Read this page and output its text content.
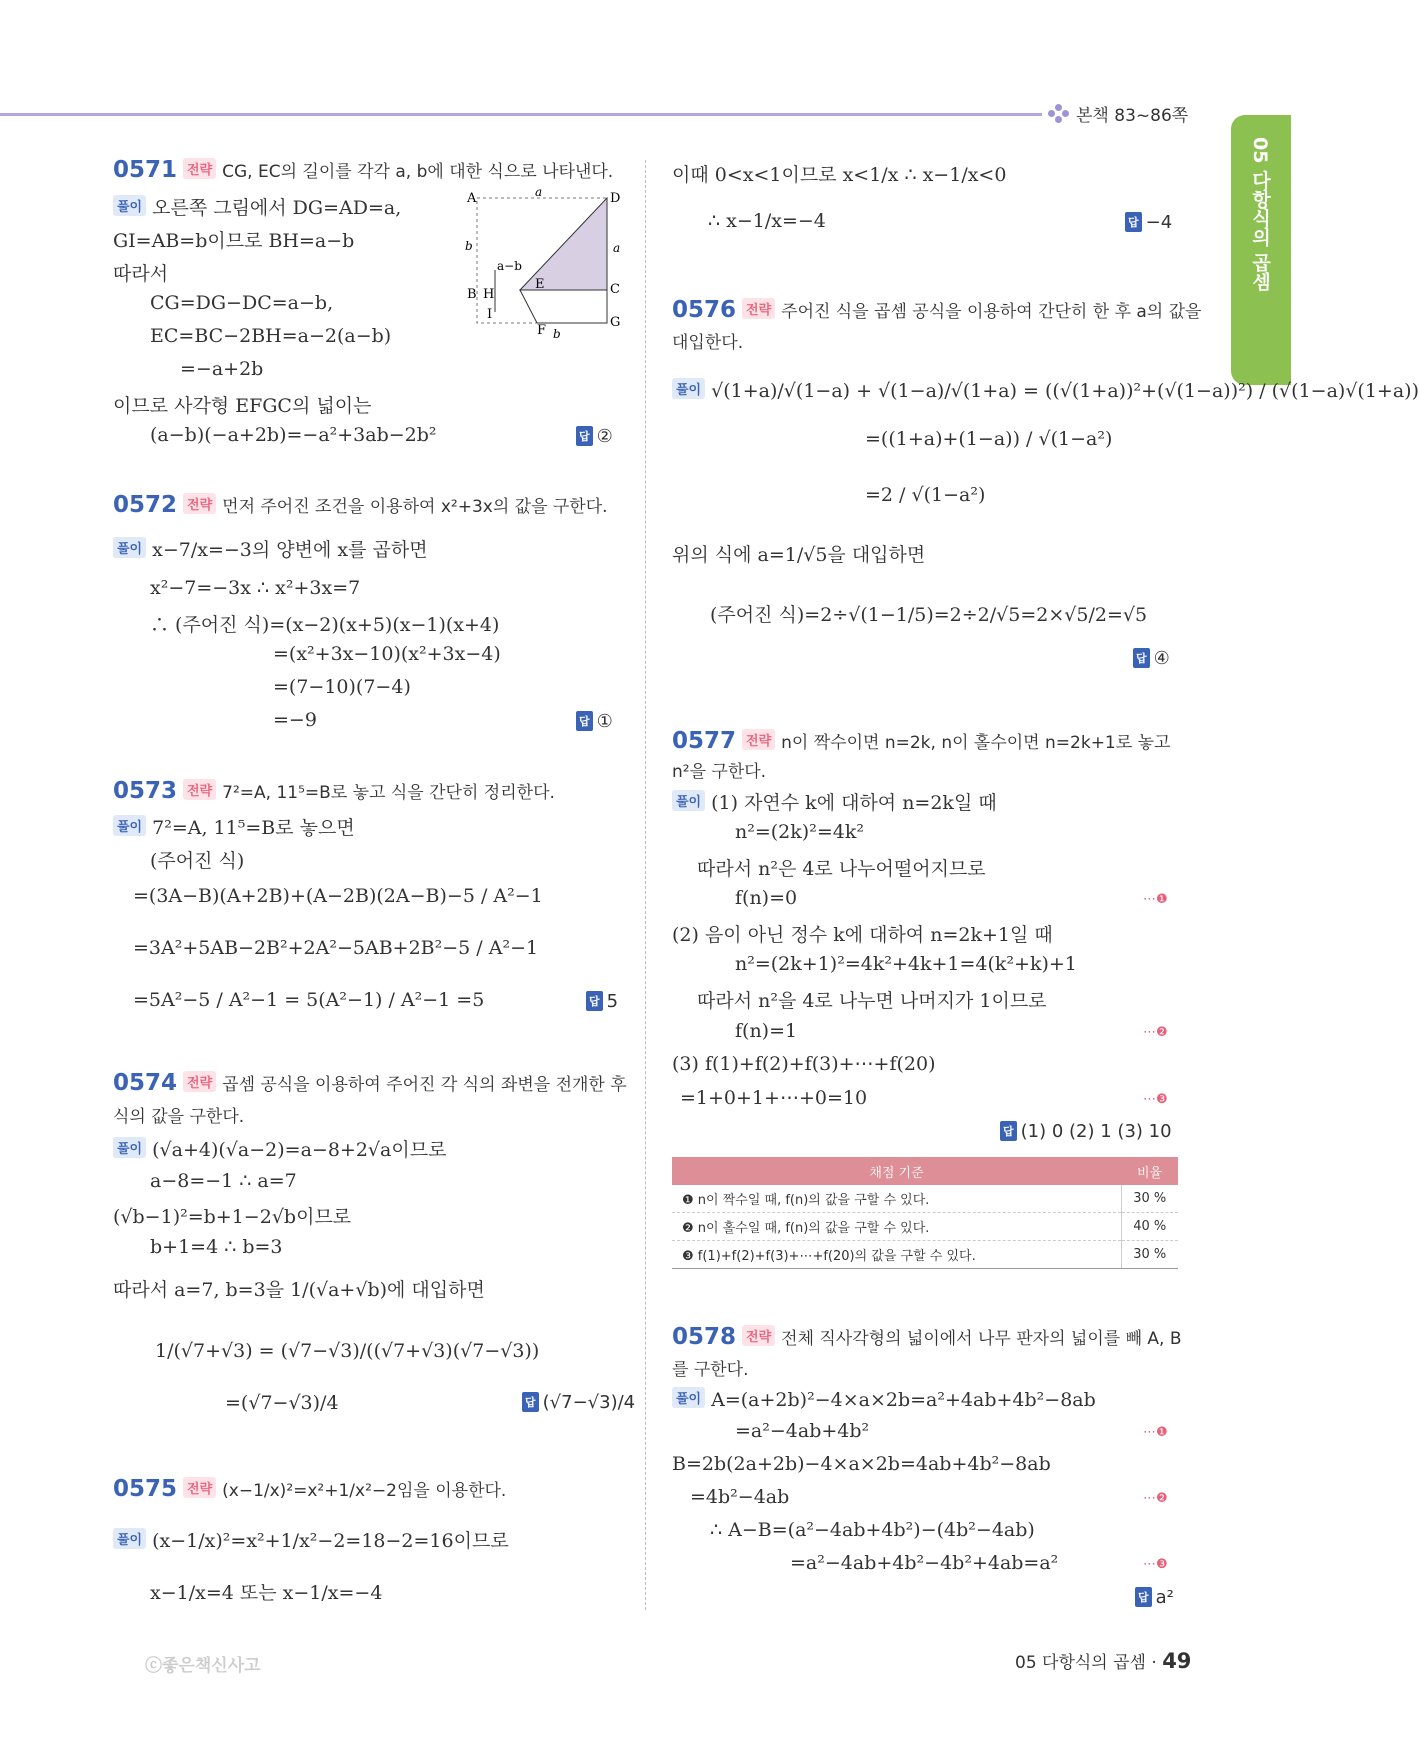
본책 83~86쪽
05 다항식의 곱셈
0571 전략 CG, EC의 길이를 각각 a, b에 대한 식으로 나타낸다.
풀이 오른쪽 그림에서 DG=AD=a,
GI=AB=b이므로 BH=a−b
따라서
CG=DG−DC=a−b,
EC=BC−2BH=a−2(a−b)
=−a+2b
이므로 사각형 EFGC의 넓이는
(a−b)(−a+2b)=−a²+3ab−2b²	답 ②
A	D
a
b
a−b
E
B H	C
I
F
G
b
a
0572 전략 먼저 주어진 조건을 이용하여 x²+3x의 값을 구한다.
풀이 x−7/x=−3의 양변에 x를 곱하면
x²−7=−3x ∴ x²+3x=7
∴ (주어진 식)=(x−2)(x+5)(x−1)(x+4)
=(x²+3x−10)(x²+3x−4)
=(7−10)(7−4)
=−9	답 ①
0573 전략 7²=A, 11⁵=B로 놓고 식을 간단히 정리한다.
풀이 7²=A, 11⁵=B로 놓으면
(주어진 식)
=(3A−B)(A+2B)+(A−2B)(2A−B)−5 / A²−1
=3A²+5AB−2B²+2A²−5AB+2B²−5 / A²−1
=5A²−5 / A²−1 = 5(A²−1) / A²−1 =5	답 5
0574 전략 곱셈 공식을 이용하여 주어진 각 식의 좌변을 전개한 후
식의 값을 구한다.
풀이 (√a+4)(√a−2)=a−8+2√a이므로
a−8=−1 ∴ a=7
(√b−1)²=b+1−2√b이므로
b+1=4 ∴ b=3
따라서 a=7, b=3을 1/(√a+√b)에 대입하면
1/(√7+√3) = (√7−√3)/((√7+√3)(√7−√3))
=(√7−√3)/4	답 (√7−√3)/4
0575 전략 (x−1/x)²=x²+1/x²−2임을 이용한다.
풀이 (x−1/x)²=x²+1/x²−2=18−2=16이므로
x−1/x=4 또는 x−1/x=−4
이때 0<x<1이므로 x<1/x ∴ x−1/x<0
∴ x−1/x=−4	답 −4
0576 전략 주어진 식을 곱셈 공식을 이용하여 간단히 한 후 a의 값을
대입한다.
풀이 √(1+a)/√(1−a) + √(1−a)/√(1+a) = ((√(1+a))²+(√(1−a))²) / (√(1−a)√(1+a))
=((1+a)+(1−a)) / √(1−a²)
=2 / √(1−a²)
위의 식에 a=1/√5을 대입하면
(주어진 식)=2÷√(1−1/5)=2÷2/√5=2×√5/2=√5
답 ④
0577 전략 n이 짝수이면 n=2k, n이 홀수이면 n=2k+1로 놓고
n²을 구한다.
풀이 (1) 자연수 k에 대하여 n=2k일 때
n²=(2k)²=4k²
따라서 n²은 4로 나누어떨어지므로
f(n)=0	⋯❶
(2) 음이 아닌 정수 k에 대하여 n=2k+1일 때
n²=(2k+1)²=4k²+4k+1=4(k²+k)+1
따라서 n²을 4로 나누면 나머지가 1이므로
f(n)=1	⋯❷
(3) f(1)+f(2)+f(3)+⋯+f(20)
=1+0+1+⋯+0=10	⋯❸
답 (1) 0 (2) 1 (3) 10
채점 기준	비율
❶ n이 짝수일 때, f(n)의 값을 구할 수 있다.	30 %
❷ n이 홀수일 때, f(n)의 값을 구할 수 있다.	40 %
❸ f(1)+f(2)+f(3)+⋯+f(20)의 값을 구할 수 있다.	30 %
0578 전략 전체 직사각형의 넓이에서 나무 판자의 넓이를 빼 A, B
를 구한다.
풀이 A=(a+2b)²−4×a×2b=a²+4ab+4b²−8ab
=a²−4ab+4b²	⋯❶
B=2b(2a+2b)−4×a×2b=4ab+4b²−8ab
=4b²−4ab	⋯❷
∴ A−B=(a²−4ab+4b²)−(4b²−4ab)
=a²−4ab+4b²−4b²+4ab=a²	⋯❸
답 a²
ⓒ좋은책신사고	05 다항식의 곱셈 · 49
